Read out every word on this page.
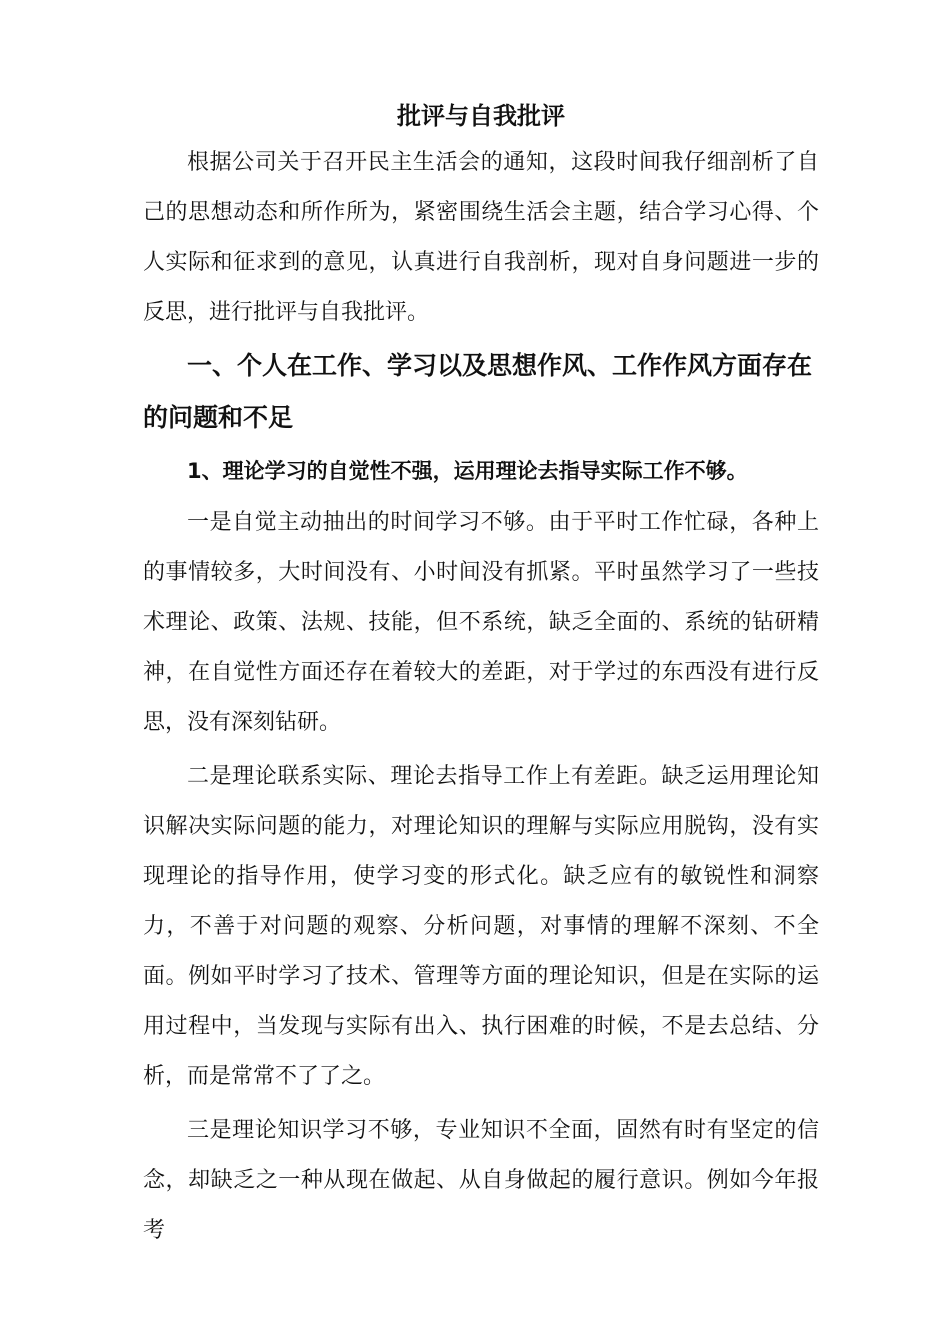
批评与自我批评

根据公司关于召开民主生活会的通知，这段时间我仔细剖析了自己的思想动态和所作所为，紧密围绕生活会主题，结合学习心得、个人实际和征求到的意见，认真进行自我剖析，现对自身问题进一步的反思，进行批评与自我批评。

一、个人在工作、学习以及思想作风、工作作风方面存在的问题和不足

1、理论学习的自觉性不强，运用理论去指导实际工作不够。

一是自觉主动抽出的时间学习不够。由于平时工作忙碌，各种上的事情较多，大时间没有、小时间没有抓紧。平时虽然学习了一些技术理论、政策、法规、技能，但不系统，缺乏全面的、系统的钻研精神，在自觉性方面还存在着较大的差距，对于学过的东西没有进行反思，没有深刻钻研。

二是理论联系实际、理论去指导工作上有差距。缺乏运用理论知识解决实际问题的能力，对理论知识的理解与实际应用脱钩，没有实现理论的指导作用，使学习变的形式化。缺乏应有的敏锐性和洞察力，不善于对问题的观察、分析问题，对事情的理解不深刻、不全面。例如平时学习了技术、管理等方面的理论知识，但是在实际的运用过程中，当发现与实际有出入、执行困难的时候，不是去总结、分析，而是常常不了了之。

三是理论知识学习不够，专业知识不全面，固然有时有坚定的信念，却缺乏之一种从现在做起、从自身做起的履行意识。例如今年报考
